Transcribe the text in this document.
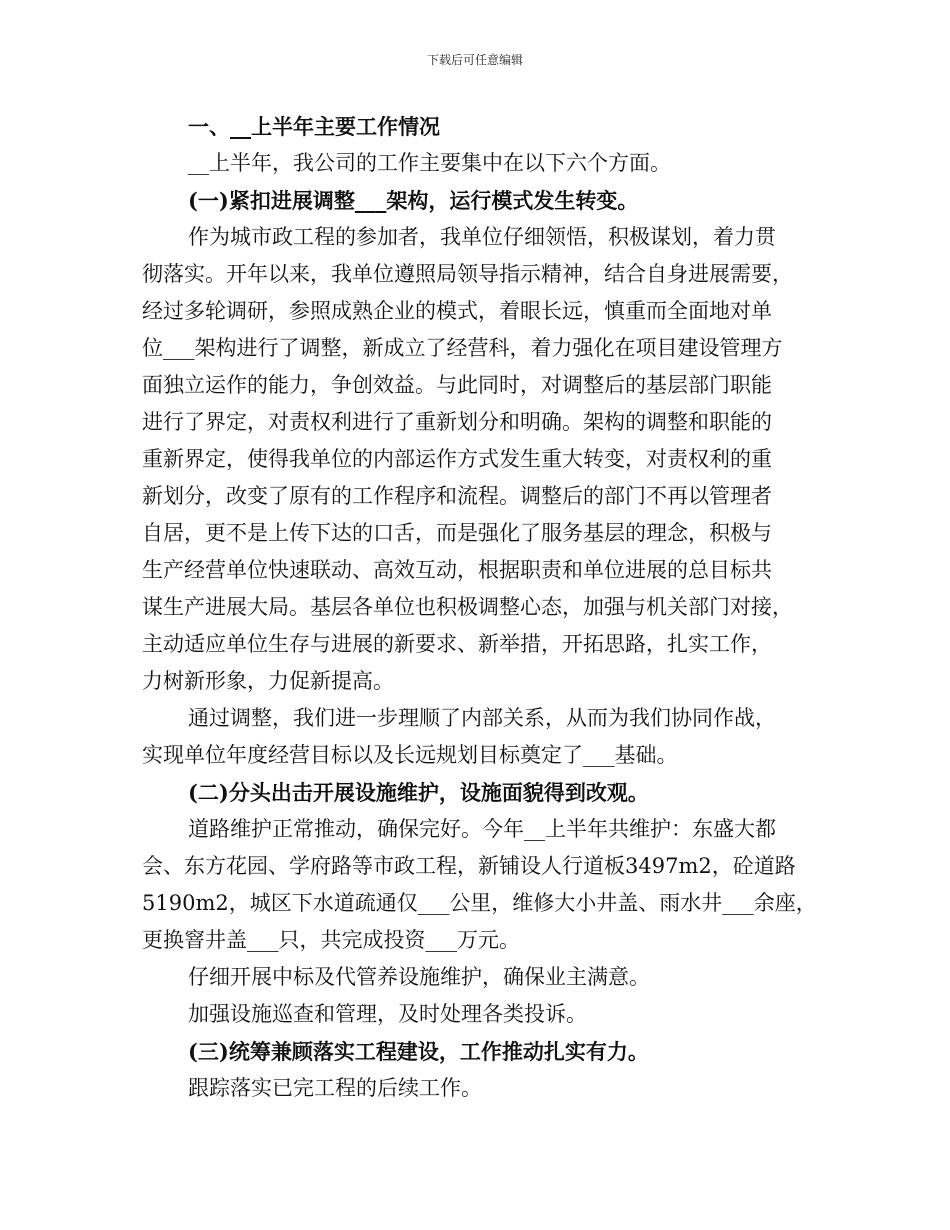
下载后可任意编辑
一、__上半年主要工作情况
__上半年，我公司的工作主要集中在以下六个方面。
(一)紧扣进展调整___架构，运行模式发生转变。
作为城市政工程的参加者，我单位仔细领悟，积极谋划，着力贯
彻落实。开年以来，我单位遵照局领导指示精神，结合自身进展需要，
经过多轮调研，参照成熟企业的模式，着眼长远，慎重而全面地对单
位___架构进行了调整，新成立了经营科，着力强化在项目建设管理方
面独立运作的能力，争创效益。与此同时，对调整后的基层部门职能
进行了界定，对责权利进行了重新划分和明确。架构的调整和职能的
重新界定，使得我单位的内部运作方式发生重大转变，对责权利的重
新划分，改变了原有的工作程序和流程。调整后的部门不再以管理者
自居，更不是上传下达的口舌，而是强化了服务基层的理念，积极与
生产经营单位快速联动、高效互动，根据职责和单位进展的总目标共
谋生产进展大局。基层各单位也积极调整心态，加强与机关部门对接，
主动适应单位生存与进展的新要求、新举措，开拓思路，扎实工作，
力树新形象，力促新提高。
通过调整，我们进一步理顺了内部关系，从而为我们协同作战，
实现单位年度经营目标以及长远规划目标奠定了___基础。
(二)分头出击开展设施维护，设施面貌得到改观。
道路维护正常推动，确保完好。今年__上半年共维护：东盛大都
会、东方花园、学府路等市政工程，新铺设人行道板3497m2，砼道路
5190m2，城区下水道疏通仅___公里，维修大小井盖、雨水井___余座，
更换窨井盖___只，共完成投资___万元。
仔细开展中标及代管养设施维护，确保业主满意。
加强设施巡查和管理，及时处理各类投诉。
(三)统筹兼顾落实工程建设，工作推动扎实有力。
跟踪落实已完工程的后续工作。
